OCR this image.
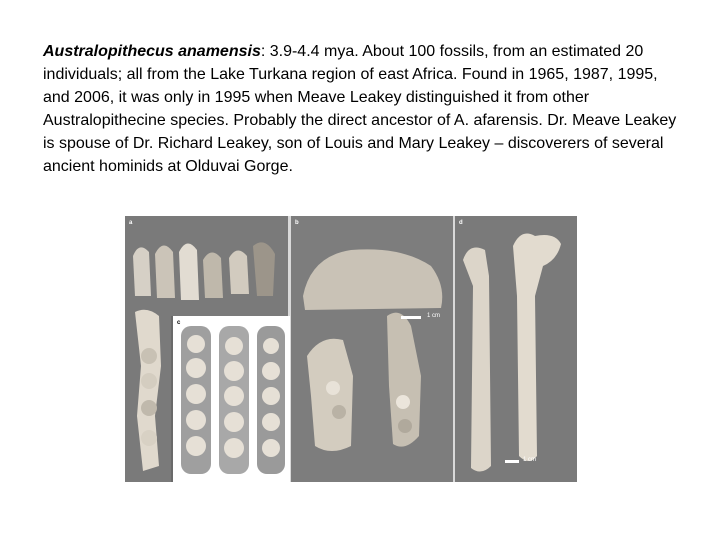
Australopithecus anamensis: 3.9-4.4 mya. About 100 fossils, from an estimated 20 individuals; all from the Lake Turkana region of east Africa. Found in 1965, 1987, 1995, and 2006, it was only in 1995 when Meave Leakey distinguished it from other Australopithecine species. Probably the direct ancestor of A. afarensis. Dr. Meave Leakey is spouse of Dr. Richard Leakey, son of Louis and Mary Leakey – discoverers of several ancient hominids at Olduvai Gorge.
a
c
b
1 cm
d
1 cm
